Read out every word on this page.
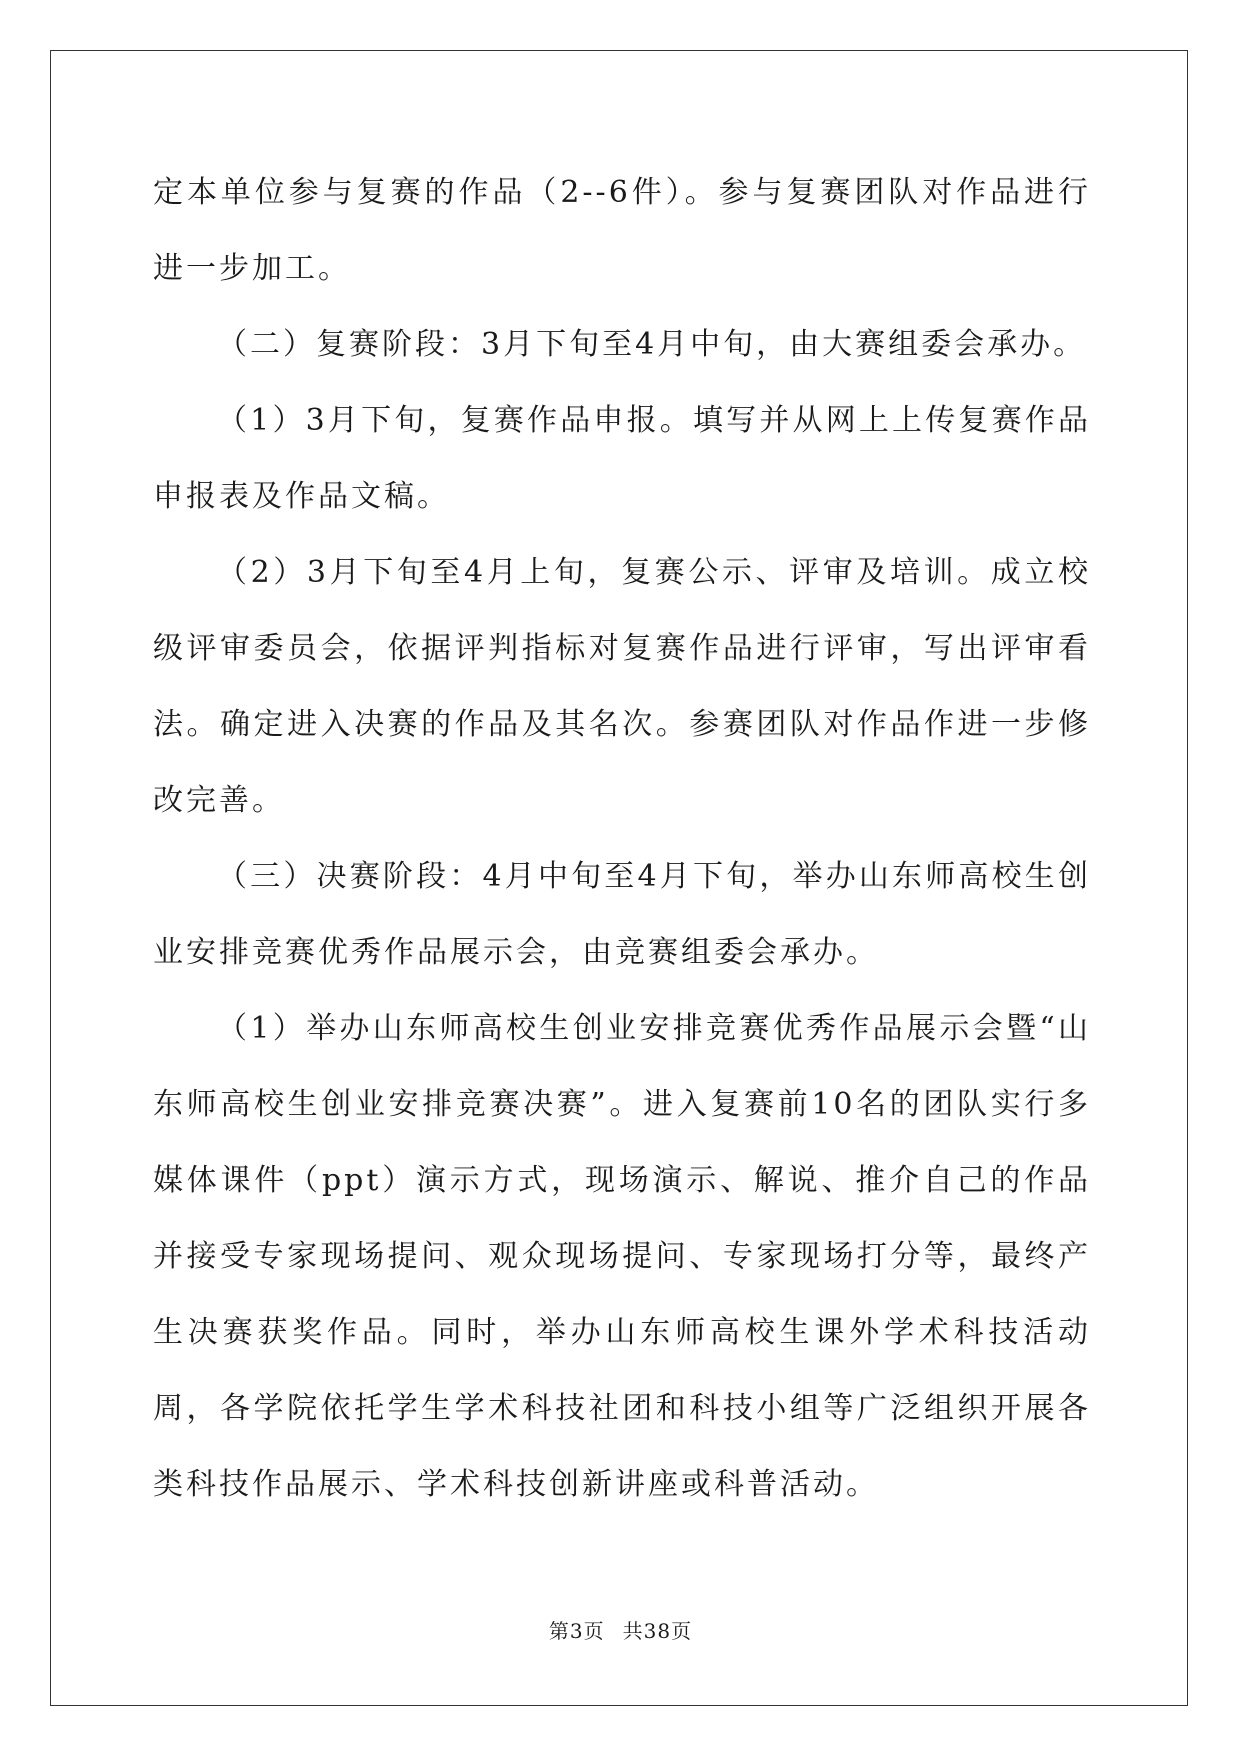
定本单位参与复赛的作品（2--6件）。参与复赛团队对作品进行进一步加工。

（二）复赛阶段：3月下旬至4月中旬，由大赛组委会承办。

（1）3月下旬，复赛作品申报。填写并从网上上传复赛作品申报表及作品文稿。

（2）3月下旬至4月上旬，复赛公示、评审及培训。成立校级评审委员会，依据评判指标对复赛作品进行评审，写出评审看法。确定进入决赛的作品及其名次。参赛团队对作品作进一步修改完善。

（三）决赛阶段：4月中旬至4月下旬，举办山东师高校生创业安排竞赛优秀作品展示会，由竞赛组委会承办。

（1）举办山东师高校生创业安排竞赛优秀作品展示会暨“山东师高校生创业安排竞赛决赛”。进入复赛前10名的团队实行多媒体课件（ppt）演示方式，现场演示、解说、推介自己的作品并接受专家现场提问、观众现场提问、专家现场打分等，最终产生决赛获奖作品。同时，举办山东师高校生课外学术科技活动周，各学院依托学生学术科技社团和科技小组等广泛组织开展各类科技作品展示、学术科技创新讲座或科普活动。

第3页 共38页
